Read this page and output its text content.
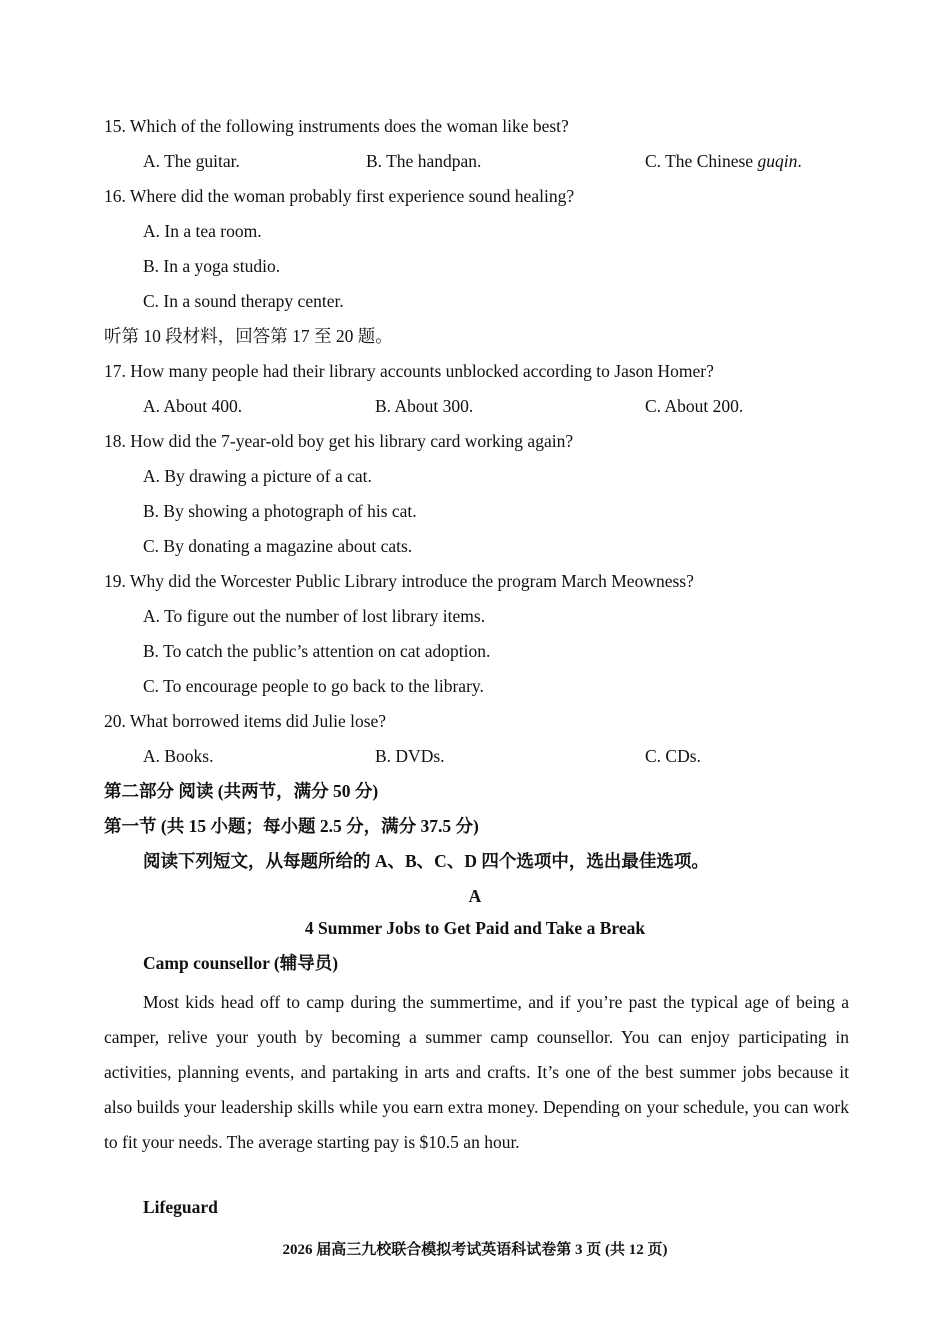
15. Which of the following instruments does the woman like best?
A. The guitar.	B. The handpan.	C. The Chinese guqin.
16. Where did the woman probably first experience sound healing?
A. In a tea room.
B. In a yoga studio.
C. In a sound therapy center.
听第 10 段材料，回答第 17 至 20 题。
17. How many people had their library accounts unblocked according to Jason Homer?
A. About 400.	B. About 300.	C. About 200.
18. How did the 7-year-old boy get his library card working again?
A. By drawing a picture of a cat.
B. By showing a photograph of his cat.
C. By donating a magazine about cats.
19. Why did the Worcester Public Library introduce the program March Meowness?
A. To figure out the number of lost library items.
B. To catch the public’s attention on cat adoption.
C. To encourage people to go back to the library.
20. What borrowed items did Julie lose?
A. Books.	B. DVDs.	C. CDs.
第二部分 阅读 (共两节，满分 50 分)
第一节 (共 15 小题；每小题 2.5 分，满分 37.5 分)
阅读下列短文，从每题所给的 A、B、C、D 四个选项中，选出最佳选项。
A
4 Summer Jobs to Get Paid and Take a Break
Camp counsellor (辅导员)
Most kids head off to camp during the summertime, and if you’re past the typical age of being a camper, relive your youth by becoming a summer camp counsellor. You can enjoy participating in activities, planning events, and partaking in arts and crafts. It’s one of the best summer jobs because it also builds your leadership skills while you earn extra money. Depending on your schedule, you can work to fit your needs. The average starting pay is $10.5 an hour.
Lifeguard
2026 届高三九校联合模拟考试英语科试卷第 3 页 (共 12 页)
